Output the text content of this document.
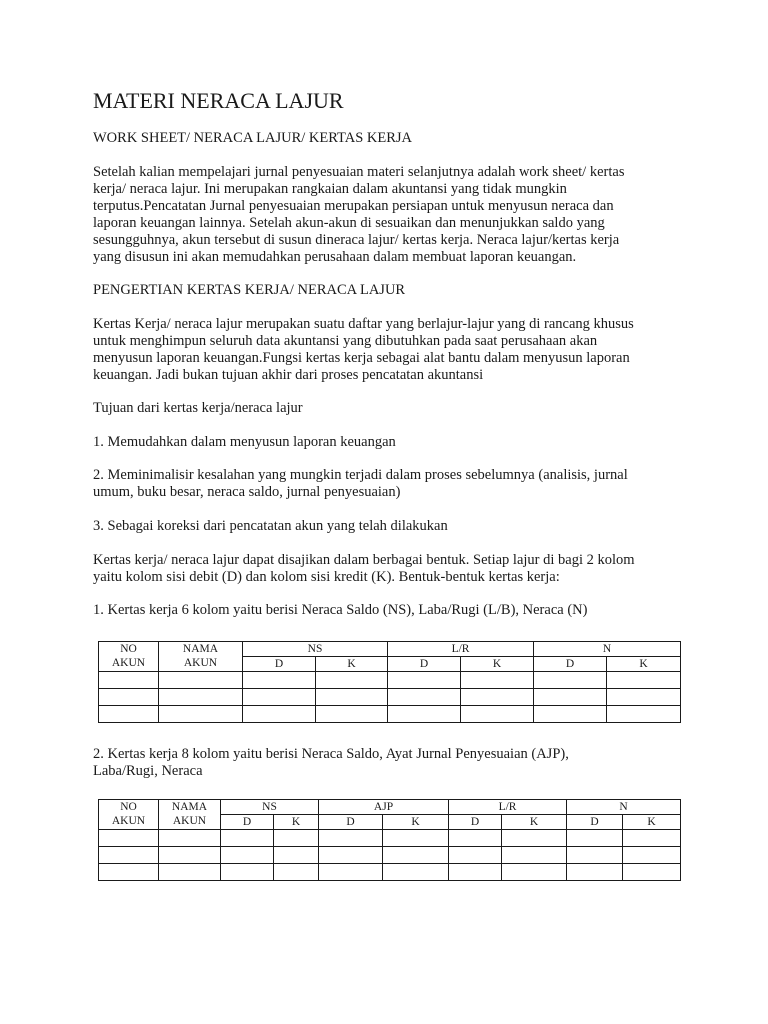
MATERI NERACA LAJUR

WORK SHEET/ NERACA LAJUR/ KERTAS KERJA

Setelah kalian mempelajari jurnal penyesuaian materi selanjutnya adalah work sheet/ kertas

kerja/ neraca lajur. Ini merupakan rangkaian dalam akuntansi yang tidak mungkin

terputus.Pencatatan Jurnal penyesuaian merupakan persiapan untuk menyusun neraca dan

laporan keuangan lainnya. Setelah akun-akun di sesuaikan dan menunjukkan saldo yang

sesungguhnya, akun tersebut di susun dineraca lajur/ kertas kerja. Neraca lajur/kertas kerja

yang disusun ini akan memudahkan perusahaan dalam membuat laporan keuangan.

PENGERTIAN KERTAS KERJA/ NERACA LAJUR

Kertas Kerja/ neraca lajur merupakan suatu daftar yang berlajur-lajur yang di rancang khusus

untuk menghimpun seluruh data akuntansi yang dibutuhkan pada saat perusahaan akan

menyusun laporan keuangan.Fungsi kertas kerja sebagai alat bantu dalam menyusun laporan

keuangan. Jadi bukan tujuan akhir dari proses pencatatan akuntansi

Tujuan dari kertas kerja/neraca lajur

1. Memudahkan dalam menyusun laporan keuangan

2. Meminimalisir kesalahan yang mungkin terjadi dalam proses sebelumnya (analisis, jurnal

umum, buku besar, neraca saldo, jurnal penyesuaian)

3. Sebagai koreksi dari pencatatan akun yang telah dilakukan

Kertas kerja/ neraca lajur dapat disajikan dalam berbagai bentuk. Setiap lajur di bagi 2 kolom

yaitu kolom sisi debit (D) dan kolom sisi kredit (K). Bentuk-bentuk kertas kerja:

1. Kertas kerja 6 kolom yaitu berisi Neraca Saldo (NS), Laba/Rugi (L/B), Neraca (N)

NO	NAMA	NS		L/R		N	
AKUN	AKUN	D	K	D	K	D	K

2. Kertas kerja 8 kolom yaitu berisi Neraca Saldo, Ayat Jurnal Penyesuaian (AJP),

Laba/Rugi, Neraca

NO	NAMA	NS		AJP		L/R		N	
AKUN	AKUN	D	K	D	K	D	K	D	K
